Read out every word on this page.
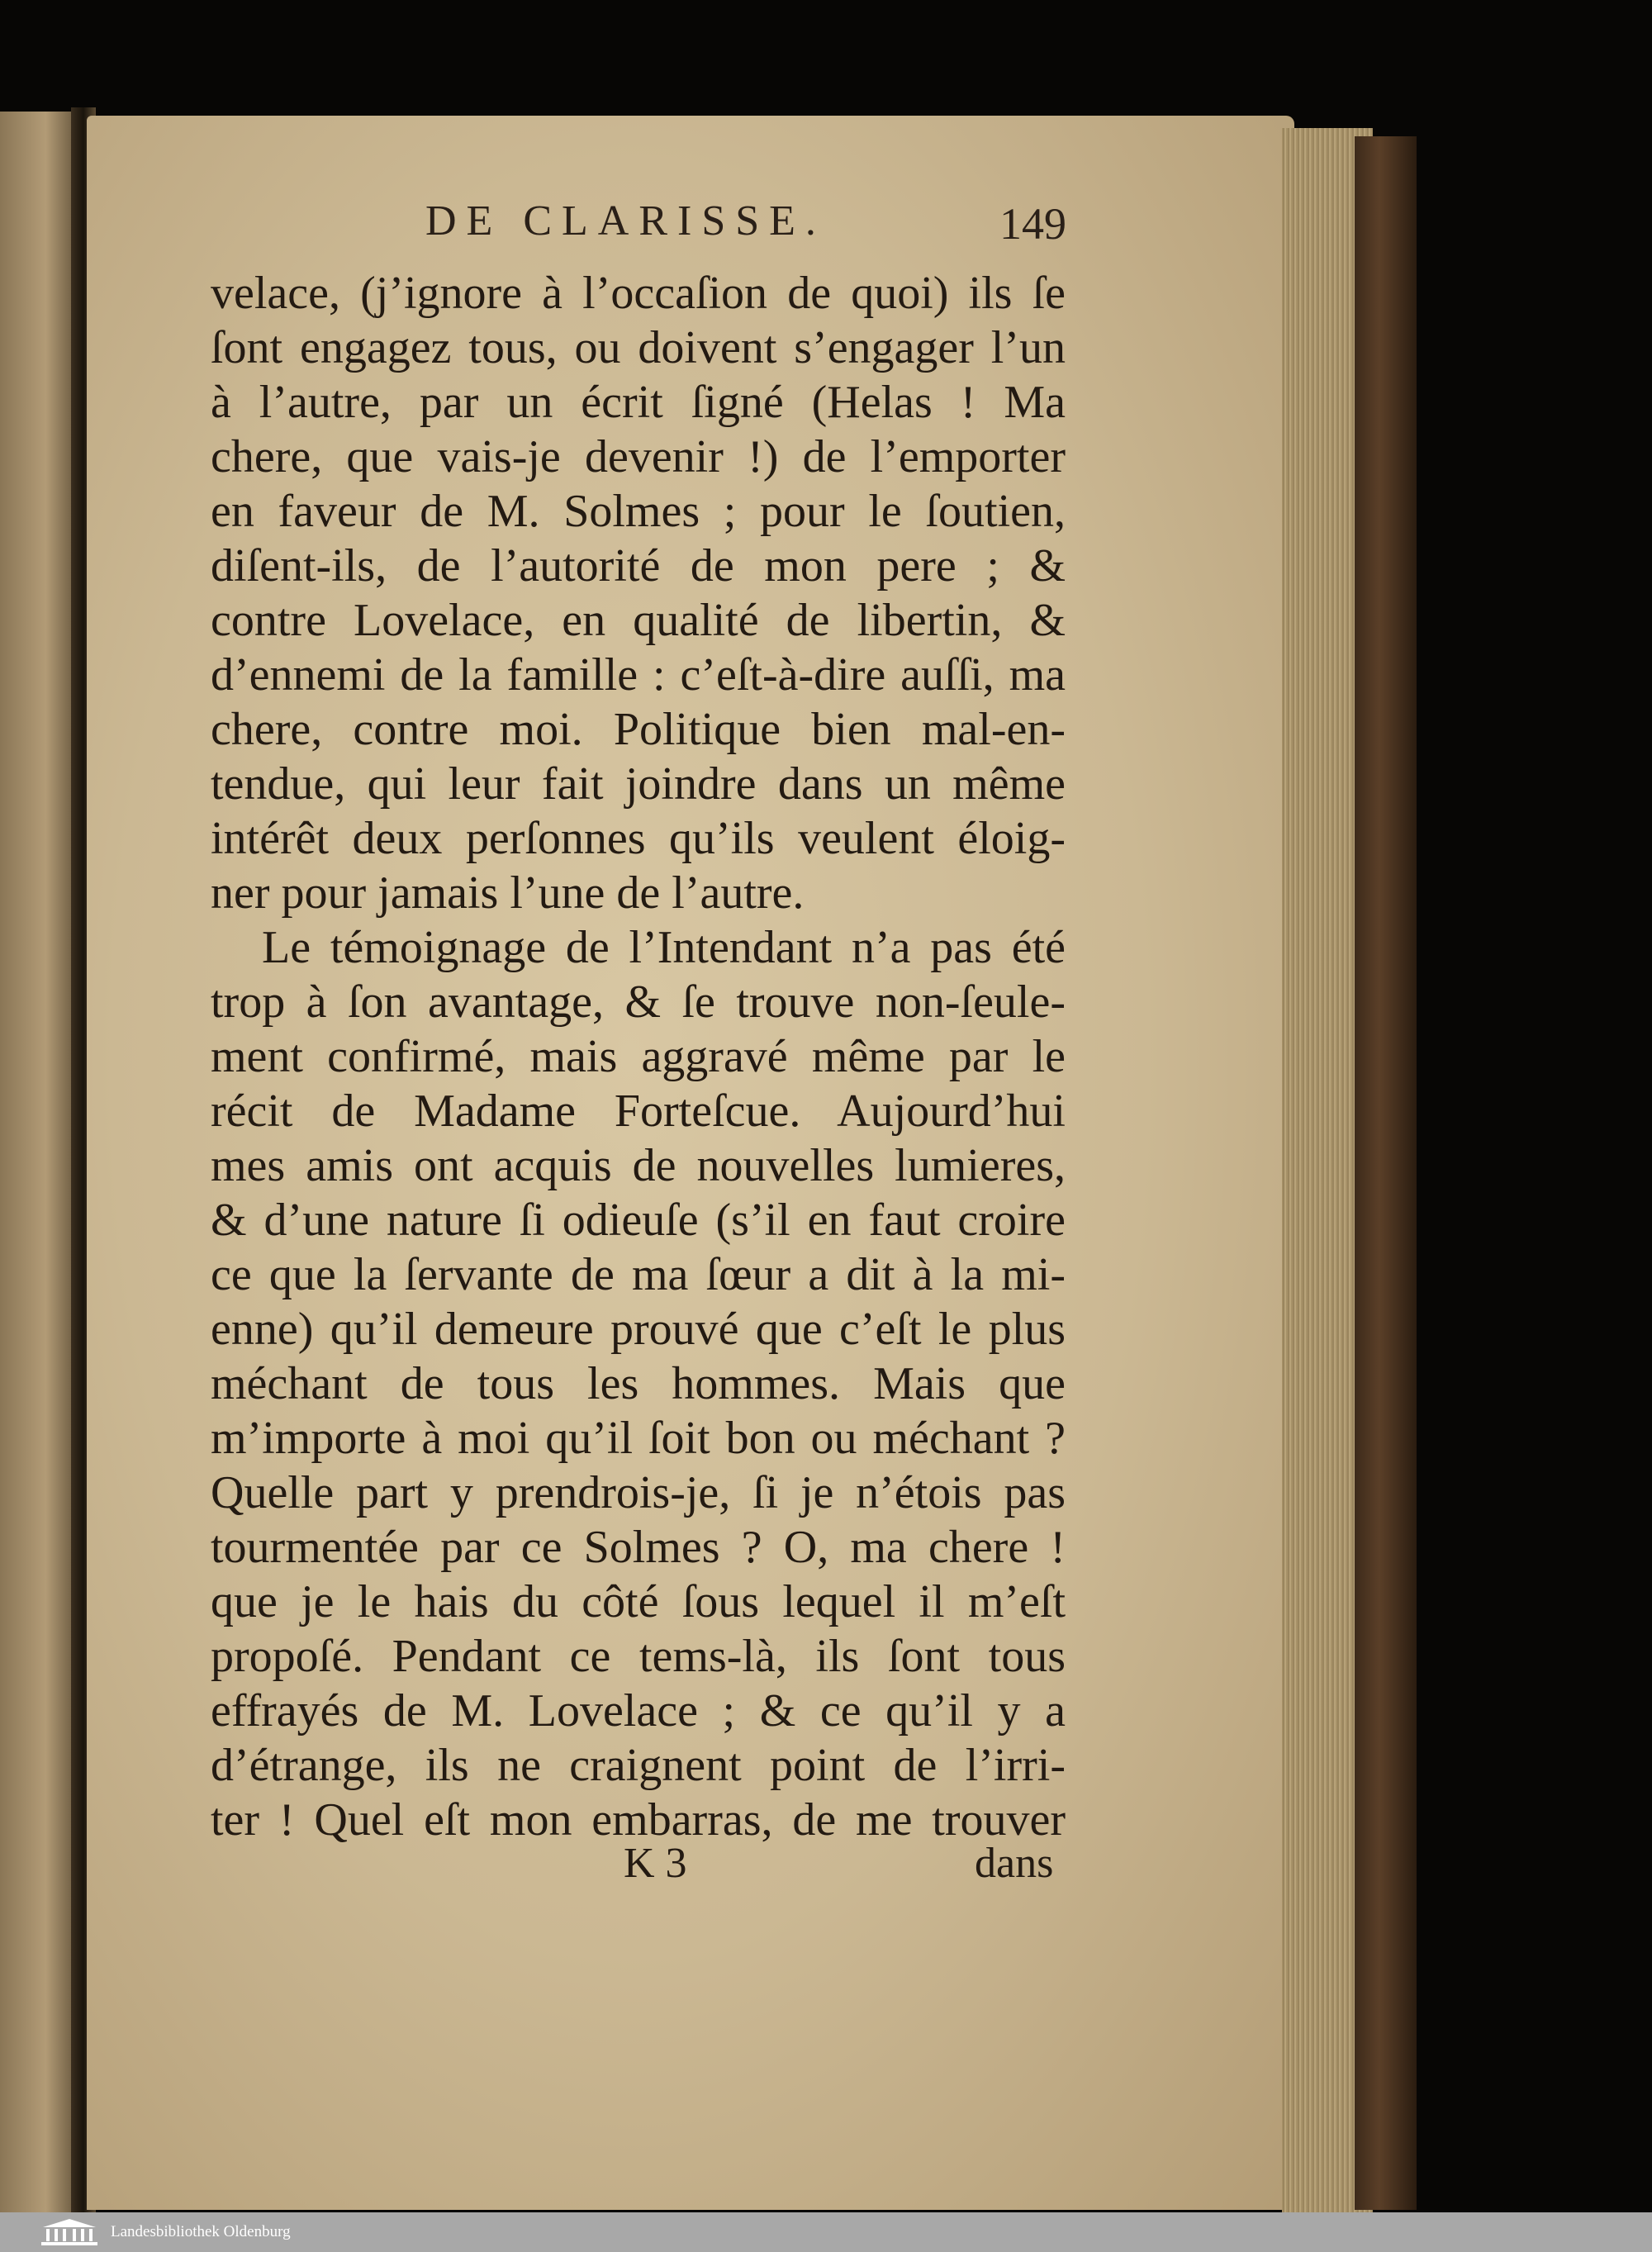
DE CLARISSE.	149
velace, (j’ignore à l’occaſion de quoi) ils ſe
ſont engagez tous, ou doivent s’engager l’un
à l’autre, par un écrit ſigné (Helas ! Ma
chere, que vais-je devenir !) de l’emporter
en faveur de M. Solmes ; pour le ſoutien,
diſent-ils, de l’autorité de mon pere ; &
contre Lovelace, en qualité de libertin, &
d’ennemi de la famille : c’eſt-à-dire auſſi, ma
chere, contre moi. Politique bien mal-en-
tendue, qui leur fait joindre dans un même
intérêt deux perſonnes qu’ils veulent éloig-
ner pour jamais l’une de l’autre.
Le témoignage de l’Intendant n’a pas été
trop à ſon avantage, & ſe trouve non-ſeule-
ment confirmé, mais aggravé même par le
récit de Madame Forteſcue. Aujourd’hui
mes amis ont acquis de nouvelles lumieres,
& d’une nature ſi odieuſe (s’il en faut croire
ce que la ſervante de ma ſœur a dit à la mi-
enne) qu’il demeure prouvé que c’eſt le plus
méchant de tous les hommes. Mais que
m’importe à moi qu’il ſoit bon ou méchant ?
Quelle part y prendrois-je, ſi je n’étois pas
tourmentée par ce Solmes ? O, ma chere !
que je le hais du côté ſous lequel il m’eſt
propoſé. Pendant ce tems-là, ils ſont tous
effrayés de M. Lovelace ; & ce qu’il y a
d’étrange, ils ne craignent point de l’irri-
ter ! Quel eſt mon embarras, de me trouver
K 3	dans
Landesbibliothek Oldenburg
